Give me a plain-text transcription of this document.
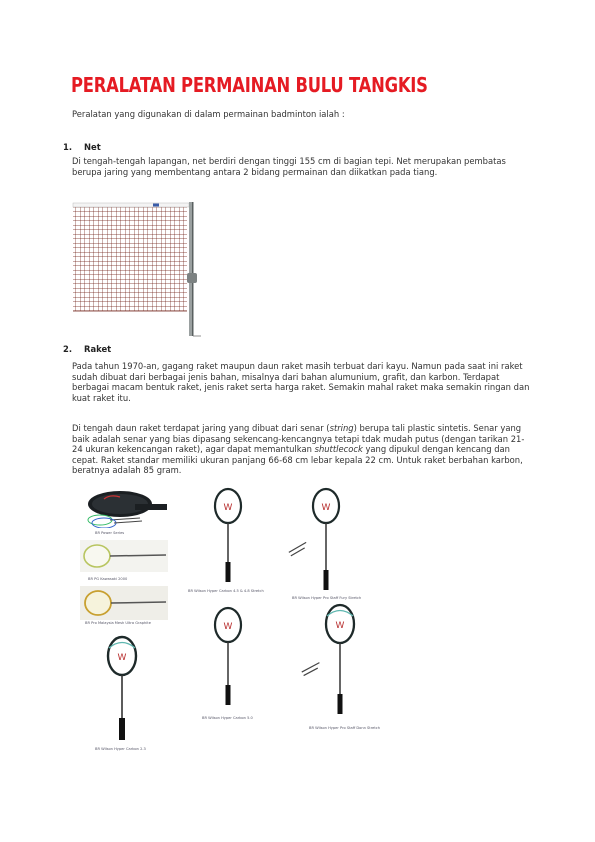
PERALATAN PERMAINAN BULU TANGKIS
Peralatan yang digunakan di dalam permainan badminton ialah :
1. Net

Di tengah-tengah lapangan, net berdiri dengan tinggi 155 cm di bagian tepi. Net merupakan pembatas berupa jaring yang membentang antara 2 bidang permainan dan diikatkan pada tiang.

2. Raket

Pada tahun 1970-an, gagang raket maupun daun raket masih terbuat dari kayu. Namun pada saat ini raket sudah dibuat dari berbagai jenis bahan, misalnya dari bahan alumunium, grafit, dan karbon. Terdapat berbagai macam bentuk raket, jenis raket serta harga raket. Semakin mahal raket maka semakin ringan dan kuat raket itu.

Di tengah daun raket terdapat jaring yang dibuat dari senar (string) berupa tali plastic sintetis. Senar yang baik adalah senar yang bias dipasang sekencang-kencangnya tetapi tdak mudah putus (dengan tarikan 21-24 ukuran kekencangan raket), agar dapat memantulkan shuttlecock yang dipukul dengan kencang dan cepat. Raket standar memiliki ukuran panjang 66-68 cm lebar kepala 22 cm. Untuk raket berbahan karbon, beratnya adalah 85 gram.

BR Power Series
BR PG Kawasaki 2000
BR Pro Malaysia Mesh Ultra Graphite
W
BR Wilson Hyper Carbon 4.5 & 4.8 Stretch
W
BR Wilson Hyper Pro Staff Fury Stretch
W
BR Wilson Hyper Carbon 2.3
W
BR Wilson Hyper Carbon 5.0
W
BR Wilson Hyper Pro Staff Donn Stretch
